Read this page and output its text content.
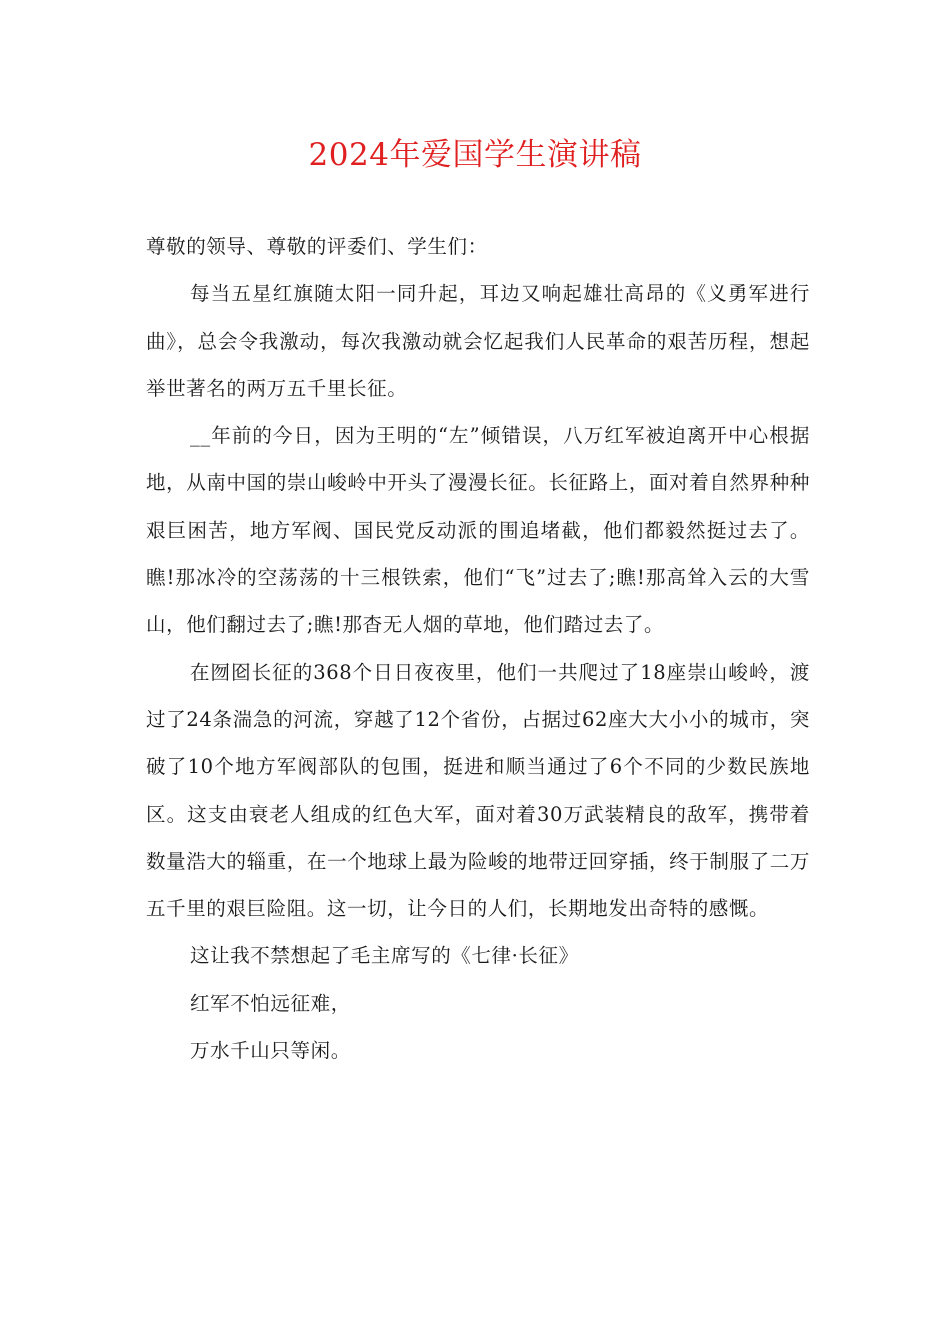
2024年爱国学生演讲稿

尊敬的领导、尊敬的评委们、学生们：

每当五星红旗随太阳一同升起，耳边又响起雄壮高昂的《义勇军进行曲》，总会令我激动，每次我激动就会忆起我们人民革命的艰苦历程，想起举世著名的两万五千里长征。

__年前的今日，因为王明的“左”倾错误，八万红军被迫离开中心根据地，从南中国的崇山峻岭中开头了漫漫长征。长征路上，面对着自然界种种艰巨困苦，地方军阀、国民党反动派的围追堵截，他们都毅然挺过去了。瞧!那冰冷的空荡荡的十三根铁索，他们“飞”过去了;瞧!那高耸入云的大雪山，他们翻过去了;瞧!那杳无人烟的草地，他们踏过去了。

在囫囵长征的368个日日夜夜里，他们一共爬过了18座崇山峻岭，渡过了24条湍急的河流，穿越了12个省份，占据过62座大大小小的城市，突破了10个地方军阀部队的包围，挺进和顺当通过了6个不同的少数民族地区。这支由衰老人组成的红色大军，面对着30万武装精良的敌军，携带着数量浩大的辎重，在一个地球上最为险峻的地带迂回穿插，终于制服了二万五千里的艰巨险阻。这一切，让今日的人们，长期地发出奇特的感慨。

这让我不禁想起了毛主席写的《七律·长征》

红军不怕远征难，

万水千山只等闲。
